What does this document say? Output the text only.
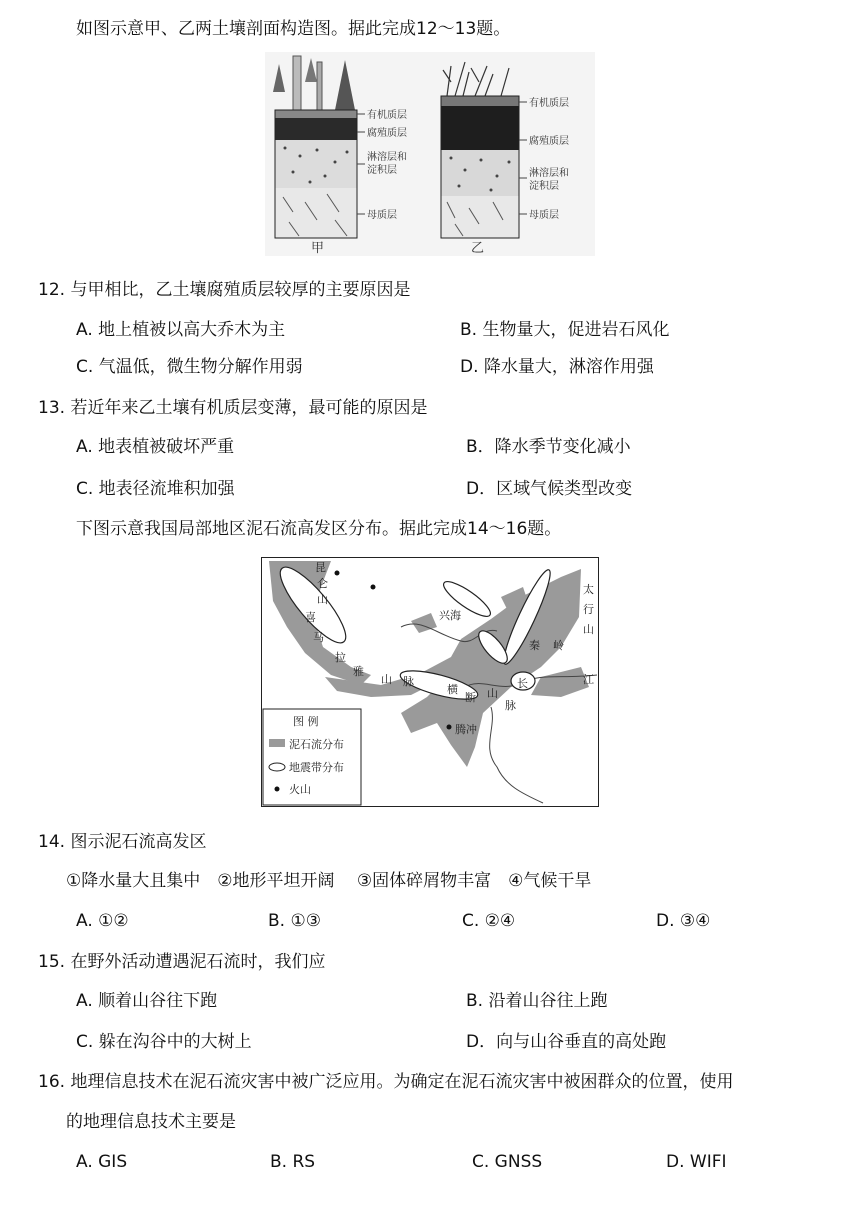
如图示意甲、乙两土壤剖面构造图。据此完成12～13题。
有机质层
腐殖质层
淋溶层和
淀积层
母质层
甲
有机质层
腐殖质层
淋溶层和
淀积层
母质层
乙
12. 与甲相比，乙土壤腐殖质层较厚的主要原因是
A. 地上植被以高大乔木为主	B. 生物量大，促进岩石风化
C. 气温低，微生物分解作用弱	D. 降水量大，淋溶作用强
13. 若近年来乙土壤有机质层变薄，最可能的原因是
A. 地表植被破坏严重	B．降水季节变化减小
C. 地表径流堆积加强	D．区域气候类型改变
下图示意我国局部地区泥石流高发区分布。据此完成14～16题。
昆
仑
山
喜
马
拉
雅
山 脉
兴海
秦 岭
太
行
山
横
断 山
脉
长	江
腾冲
图 例
泥石流分布
地震带分布
火山
14. 图示泥石流高发区
①降水量大且集中　②地形平坦开阔　 ③固体碎屑物丰富　④气候干旱
A. ①②	B. ①③	C. ②④	D. ③④
15. 在野外活动遭遇泥石流时，我们应
A. 顺着山谷往下跑	B. 沿着山谷往上跑
C. 躲在沟谷中的大树上	D．向与山谷垂直的高处跑
16. 地理信息技术在泥石流灾害中被广泛应用。为确定在泥石流灾害中被困群众的位置，使用
的地理信息技术主要是
A. GIS	B. RS	C. GNSS	D. WIFI
